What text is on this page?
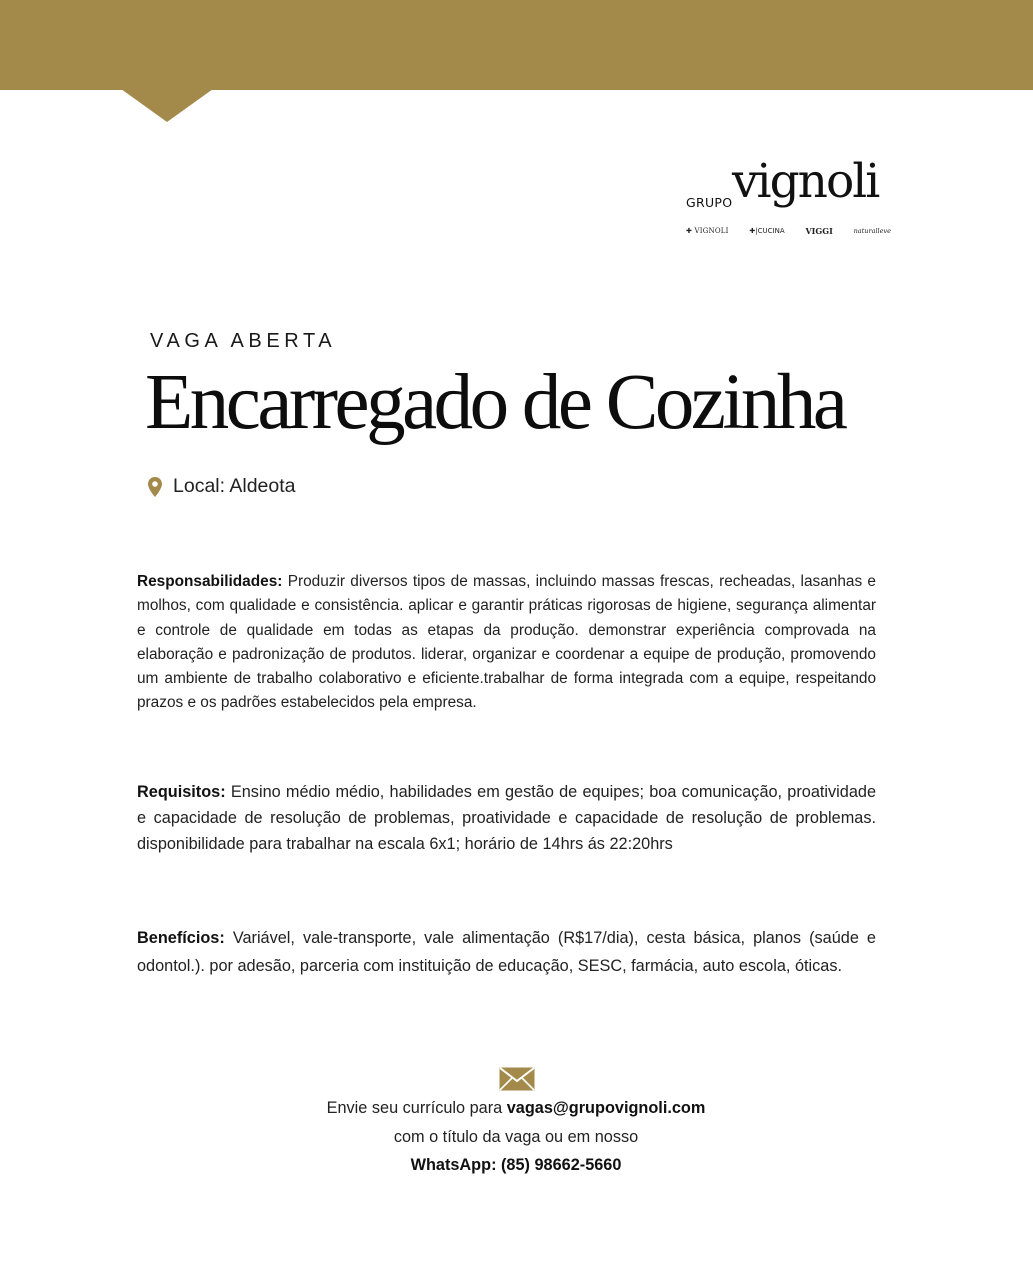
GRUPO vignoli
✚ VIGNOLI	✚|CUCINA	VIGGI	naturalleve
VAGA ABERTA
Encarregado de Cozinha
Local: Aldeota

Responsabilidades: Produzir diversos tipos de massas, incluindo massas frescas, recheadas, lasanhas e molhos, com qualidade e consistência. aplicar e garantir práticas rigorosas de higiene, segurança alimentar e controle de qualidade em todas as etapas da produção. demonstrar experiência comprovada na elaboração e padronização de produtos. liderar, organizar e coordenar a equipe de produção, promovendo um ambiente de trabalho colaborativo e eficiente.trabalhar de forma integrada com a equipe, respeitando prazos e os padrões estabelecidos pela empresa.

Requisitos: Ensino médio médio, habilidades em gestão de equipes; boa comunicação, proatividade e capacidade de resolução de problemas, proatividade e capacidade de resolução de problemas. disponibilidade para trabalhar na escala 6x1; horário de 14hrs ás 22:20hrs

Benefícios: Variável, vale-transporte, vale alimentação (R$17/dia), cesta básica, planos (saúde e odontol.). por adesão, parceria com instituição de educação, SESC, farmácia, auto escola, óticas.

Envie seu currículo para vagas@grupovignoli.com
com o título da vaga ou em nosso
WhatsApp: (85) 98662-5660
